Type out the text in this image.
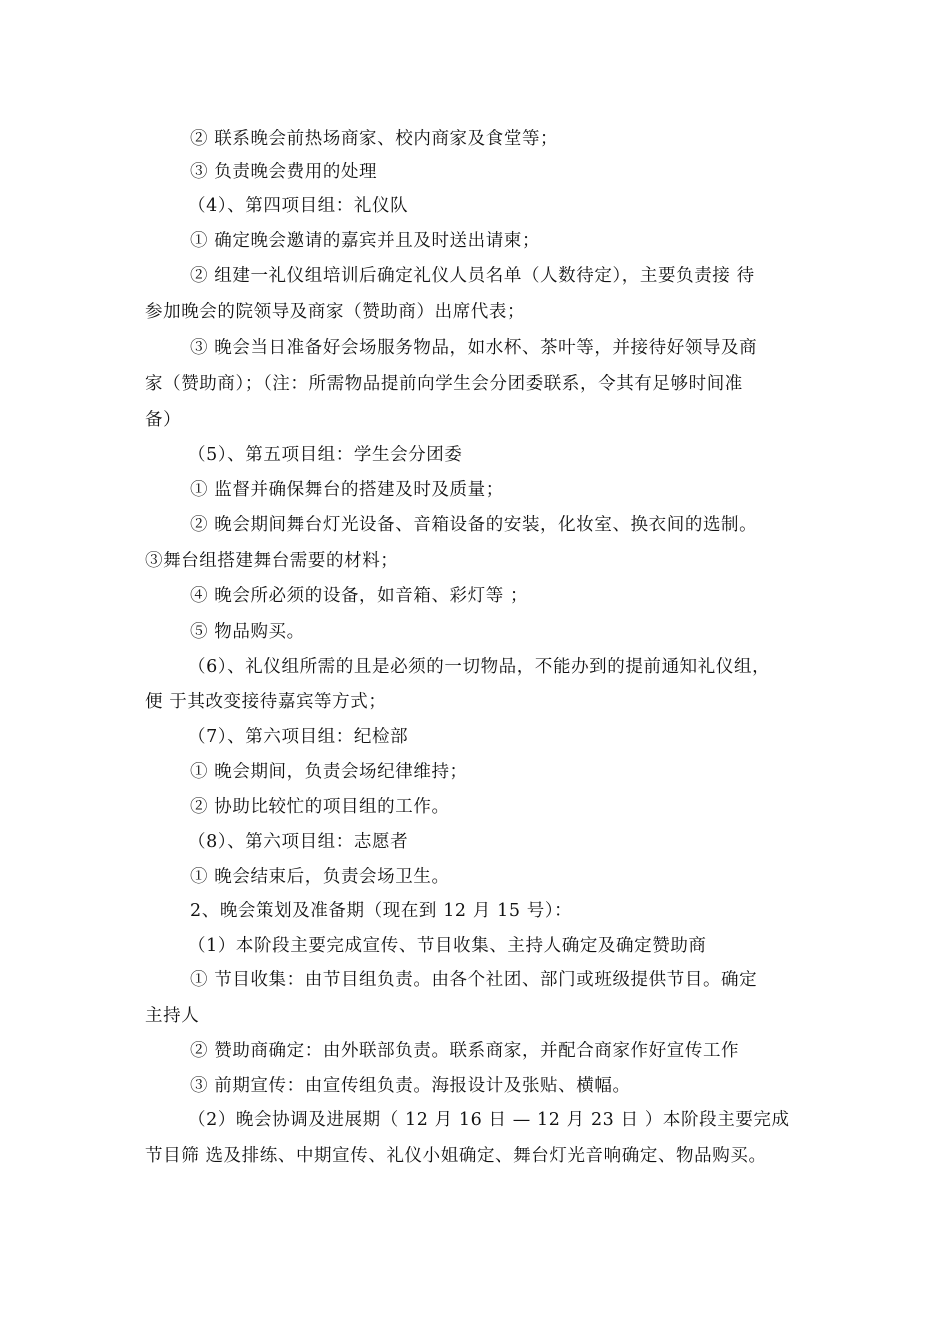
② 联系晚会前热场商家、校内商家及食堂等；
③ 负责晚会费用的处理
（4）、第四项目组：礼仪队
① 确定晚会邀请的嘉宾并且及时送出请柬；
② 组建一礼仪组培训后确定礼仪人员名单（人数待定），主要负责接 待
参加晚会的院领导及商家（赞助商）出席代表；
③ 晚会当日准备好会场服务物品，如水杯、茶叶等，并接待好领导及商
家（赞助商）；（注：所需物品提前向学生会分团委联系，令其有足够时间准
备）
（5）、第五项目组：学生会分团委
① 监督并确保舞台的搭建及时及质量；
② 晚会期间舞台灯光设备、音箱设备的安装，化妆室、换衣间的选制。
③舞台组搭建舞台需要的材料；
④ 晚会所必须的设备，如音箱、彩灯等 ；
⑤ 物品购买。
（6）、礼仪组所需的且是必须的一切物品，不能办到的提前通知礼仪组，
便 于其改变接待嘉宾等方式；
（7）、第六项目组：纪检部
① 晚会期间，负责会场纪律维持；
② 协助比较忙的项目组的工作。
（8）、第六项目组：志愿者
① 晚会结束后，负责会场卫生。
2、晚会策划及准备期（现在到 12 月 15 号）：
（1）本阶段主要完成宣传、节目收集、主持人确定及确定赞助商
① 节目收集：由节目组负责。由各个社团、部门或班级提供节目。确定
主持人
② 赞助商确定：由外联部负责。联系商家，并配合商家作好宣传工作
③ 前期宣传：由宣传组负责。海报设计及张贴、横幅。
（2）晚会协调及进展期（ 12 月 16 日 — 12 月 23 日 ）本阶段主要完成
节目筛 选及排练、中期宣传、礼仪小姐确定、舞台灯光音响确定、物品购买。
